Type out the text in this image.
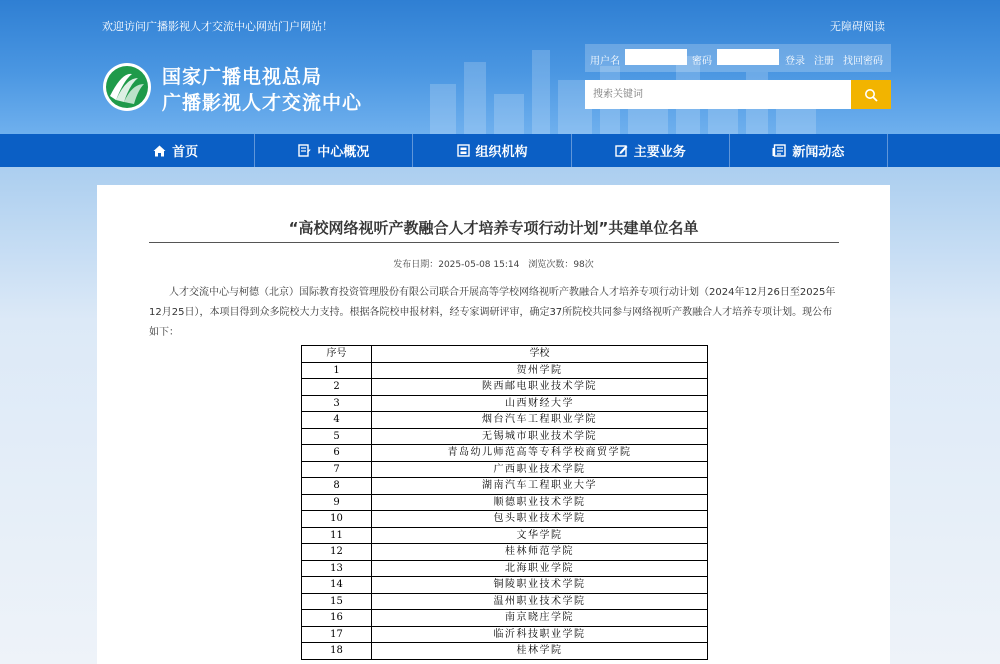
欢迎访问广播影视人才交流中心网站门户网站！	无障碍阅读
国家广播电视总局
广播影视人才交流中心
用户名	密码	登录 注册 找回密码
搜索关键词
首页	中心概况	组织机构	主要业务	新闻动态
“高校网络视听产教融合人才培养专项行动计划”共建单位名单
发布日期：2025-05-08 15:14　浏览次数：98次
人才交流中心与柯德（北京）国际教育投资管理股份有限公司联合开展高等学校网络视听产教融合人才培养专项行动计划（2024年12月26日至2025年12月25日），本项目得到众多院校大力支持。根据各院校申报材料，经专家调研评审，确定37所院校共同参与网络视听产教融合人才培养专项计划。现公布如下：
序号	学校
1	贺州学院
2	陕西邮电职业技术学院
3	山西财经大学
4	烟台汽车工程职业学院
5	无锡城市职业技术学院
6	青岛幼儿师范高等专科学校商贸学院
7	广西职业技术学院
8	湖南汽车工程职业大学
9	顺德职业技术学院
10	包头职业技术学院
11	文华学院
12	桂林师范学院
13	北海职业学院
14	铜陵职业技术学院
15	温州职业技术学院
16	南京晓庄学院
17	临沂科技职业学院
18	桂林学院
